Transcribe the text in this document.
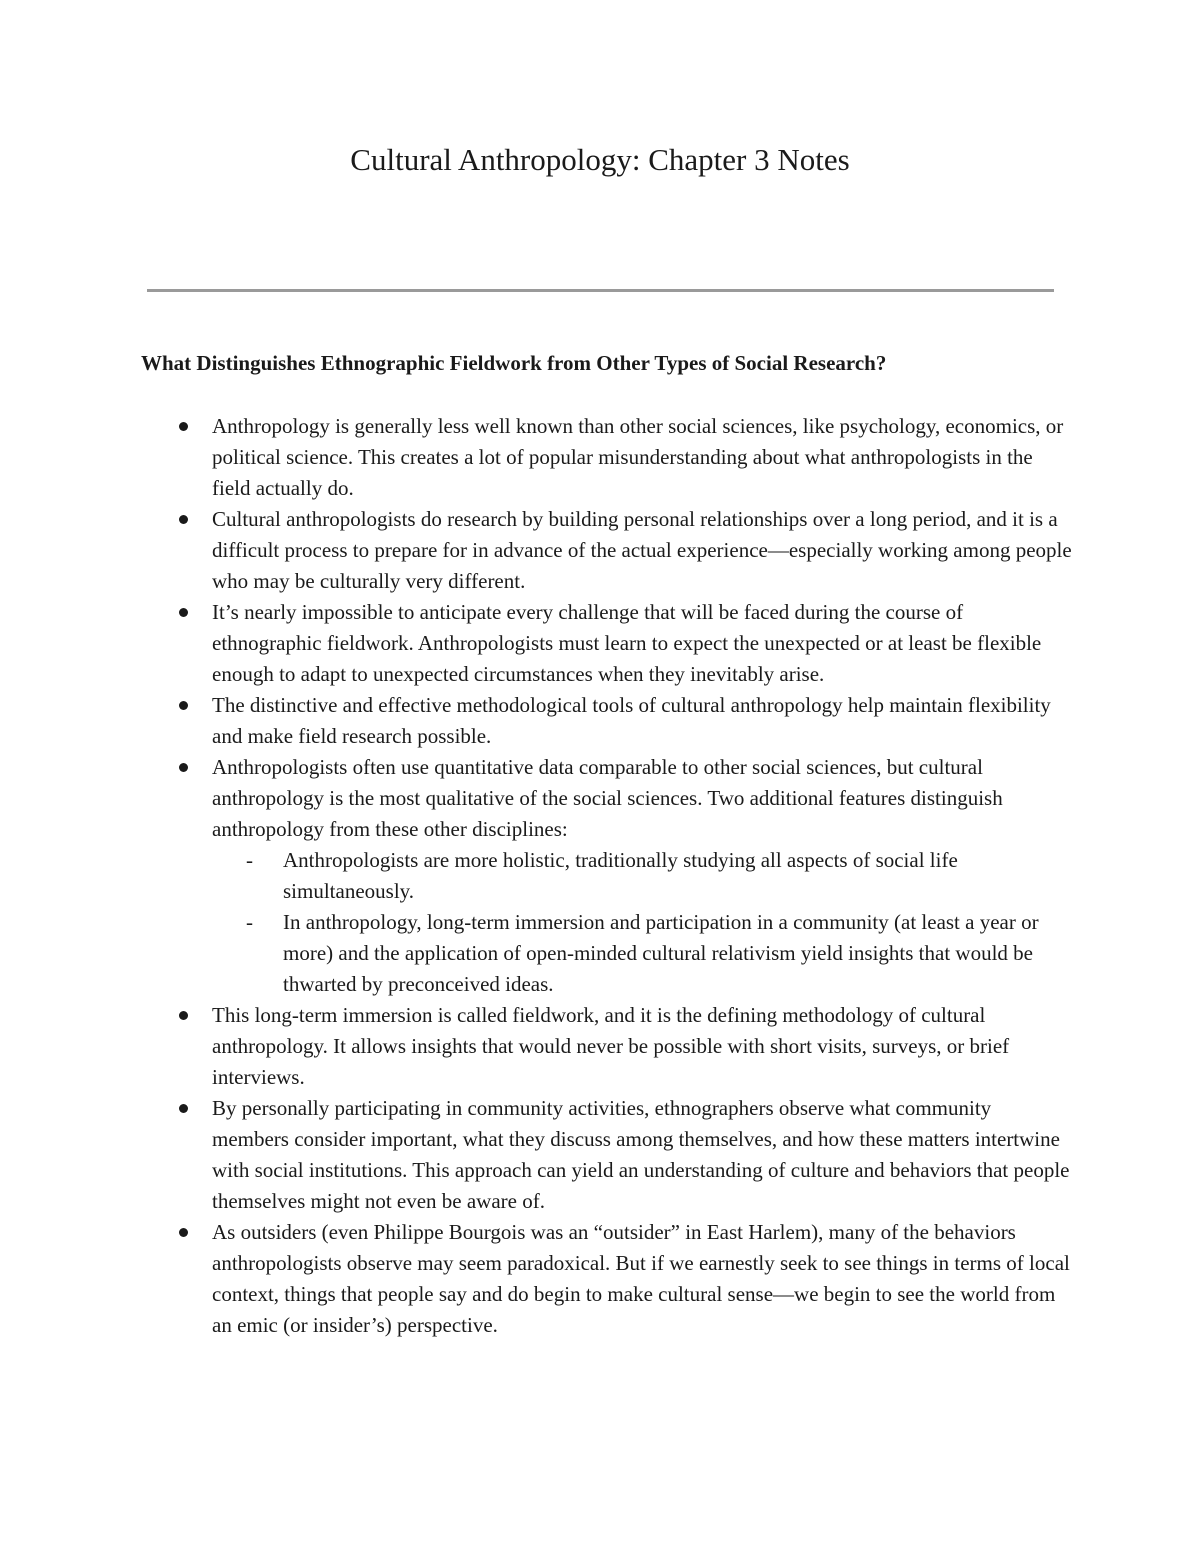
Cultural Anthropology: Chapter 3 Notes
What Distinguishes Ethnographic Fieldwork from Other Types of Social Research?
Anthropology is generally less well known than other social sciences, like psychology, economics, or political science. This creates a lot of popular misunderstanding about what anthropologists in the field actually do.
Cultural anthropologists do research by building personal relationships over a long period, and it is a difficult process to prepare for in advance of the actual experience—especially working among people who may be culturally very different.
It’s nearly impossible to anticipate every challenge that will be faced during the course of ethnographic fieldwork. Anthropologists must learn to expect the unexpected or at least be flexible enough to adapt to unexpected circumstances when they inevitably arise.
The distinctive and effective methodological tools of cultural anthropology help maintain flexibility and make field research possible.
Anthropologists often use quantitative data comparable to other social sciences, but cultural anthropology is the most qualitative of the social sciences. Two additional features distinguish anthropology from these other disciplines:
- Anthropologists are more holistic, traditionally studying all aspects of social life simultaneously.
- In anthropology, long-term immersion and participation in a community (at least a year or more) and the application of open-minded cultural relativism yield insights that would be thwarted by preconceived ideas.
This long-term immersion is called fieldwork, and it is the defining methodology of cultural anthropology. It allows insights that would never be possible with short visits, surveys, or brief interviews.
By personally participating in community activities, ethnographers observe what community members consider important, what they discuss among themselves, and how these matters intertwine with social institutions. This approach can yield an understanding of culture and behaviors that people themselves might not even be aware of.
As outsiders (even Philippe Bourgois was an “outsider” in East Harlem), many of the behaviors anthropologists observe may seem paradoxical. But if we earnestly seek to see things in terms of local context, things that people say and do begin to make cultural sense—we begin to see the world from an emic (or insider’s) perspective.
